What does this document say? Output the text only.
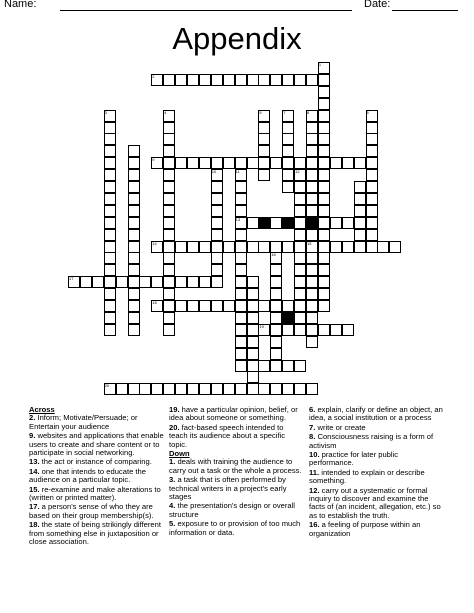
Name:	Date:
Appendix
1
2
3	4	5	6
7	8
9
10	11	12
13
14	15
16
17
18
19
20
Across
2. Inform; Motivate/Persuade; or Entertain your audience
9. websites and applications that enable users to create and share content or to participate in social networking.
13. the act or instance of comparing.
14. one that intends to educate the audience on a particular topic.
15. re-examine and make alterations to (written or printed matter).
17. a person's sense of who they are based on their group membership(s).
18. the state of being strikingly different from something else in juxtaposition or close association.
19. have a particular opinion, belief, or idea about someone or something.
20. fact-based speech intended to teach its audience about a specific topic.
Down
1. deals with training the audience to carry out a task or the whole a process.
3. a task that is often performed by technical writers in a project's early stages
4. the presentation's design or overall structure
5. exposure to or provision of too much information or data.
6. explain, clarify or define an object, an idea, a social institution or a process
7. write or create
8. Consciousness raising is a form of activism
10. practice for later public performance.
11. intended to explain or describe something.
12. carry out a systematic or formal inquiry to discover and examine the facts of (an incident, allegation, etc.) so as to establish the truth.
16. a feeling of purpose within an organization
